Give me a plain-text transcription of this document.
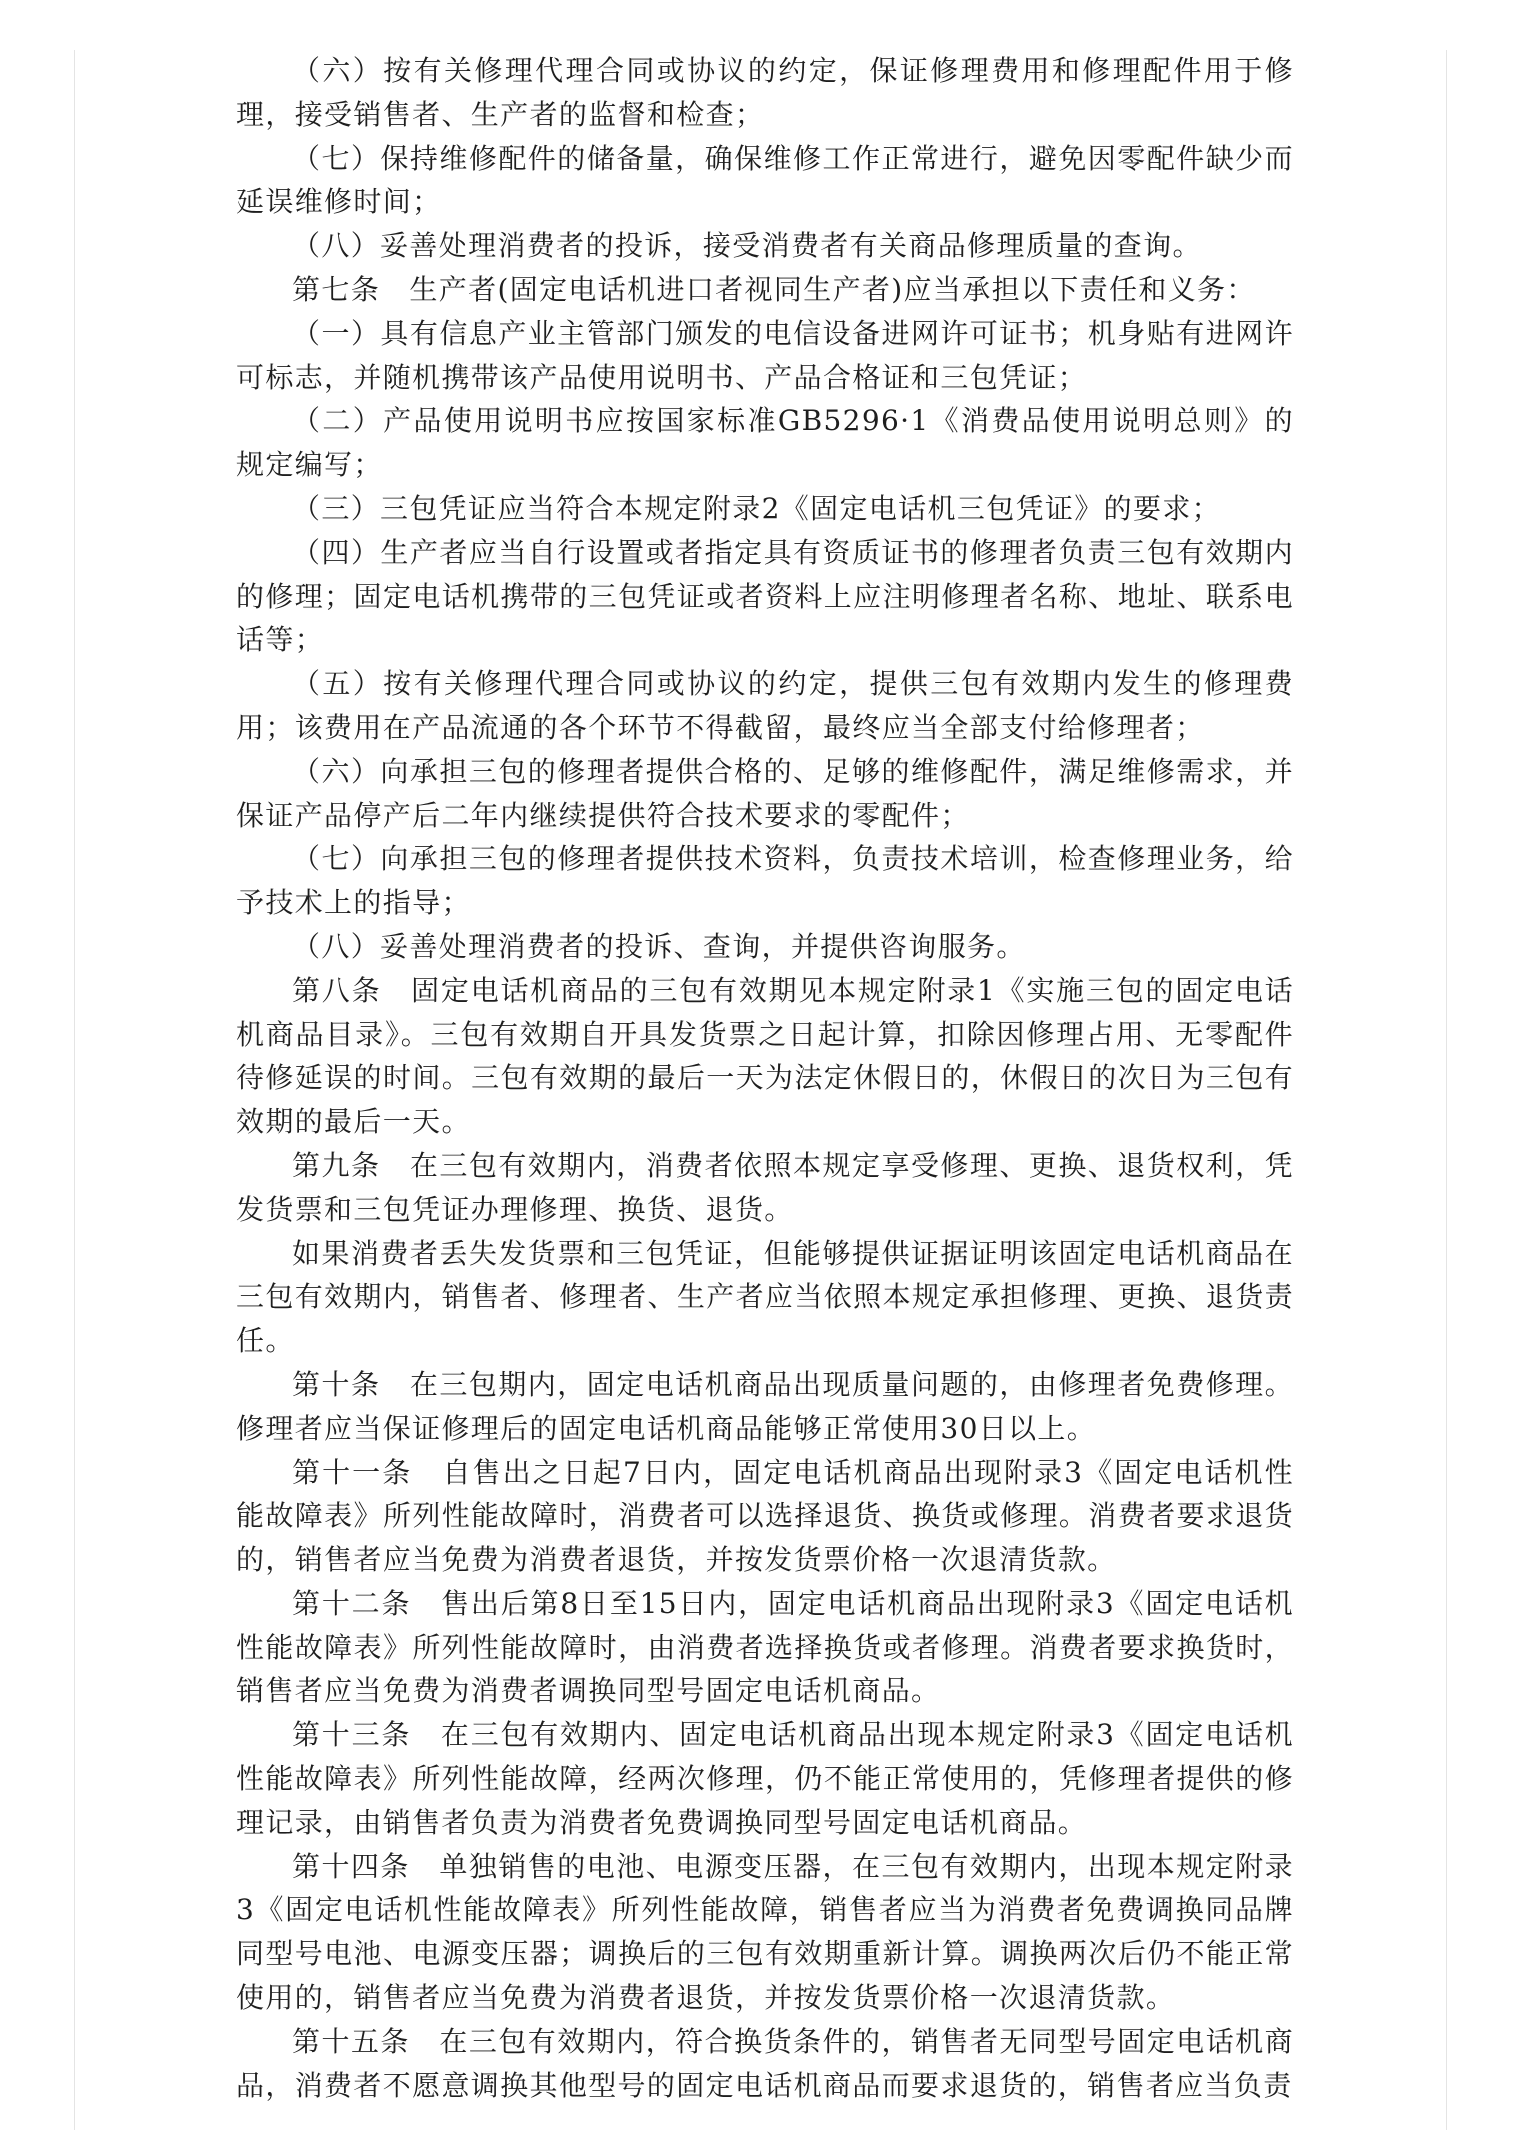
（六）按有关修理代理合同或协议的约定，保证修理费用和修理配件用于修理，接受销售者、生产者的监督和检查；

（七）保持维修配件的储备量，确保维修工作正常进行，避免因零配件缺少而延误维修时间；

（八）妥善处理消费者的投诉，接受消费者有关商品修理质量的查询。

第七条　生产者(固定电话机进口者视同生产者)应当承担以下责任和义务：

（一）具有信息产业主管部门颁发的电信设备进网许可证书；机身贴有进网许可标志，并随机携带该产品使用说明书、产品合格证和三包凭证；

（二）产品使用说明书应按国家标准GB5296·1《消费品使用说明总则》的规定编写；

（三）三包凭证应当符合本规定附录2《固定电话机三包凭证》的要求；

（四）生产者应当自行设置或者指定具有资质证书的修理者负责三包有效期内的修理；固定电话机携带的三包凭证或者资料上应注明修理者名称、地址、联系电话等；

（五）按有关修理代理合同或协议的约定，提供三包有效期内发生的修理费用；该费用在产品流通的各个环节不得截留，最终应当全部支付给修理者；

（六）向承担三包的修理者提供合格的、足够的维修配件，满足维修需求，并保证产品停产后二年内继续提供符合技术要求的零配件；

（七）向承担三包的修理者提供技术资料，负责技术培训，检查修理业务，给予技术上的指导；

（八）妥善处理消费者的投诉、查询，并提供咨询服务。

第八条　固定电话机商品的三包有效期见本规定附录1《实施三包的固定电话机商品目录》。三包有效期自开具发货票之日起计算，扣除因修理占用、无零配件待修延误的时间。三包有效期的最后一天为法定休假日的，休假日的次日为三包有效期的最后一天。

第九条　在三包有效期内，消费者依照本规定享受修理、更换、退货权利，凭发货票和三包凭证办理修理、换货、退货。

如果消费者丢失发货票和三包凭证，但能够提供证据证明该固定电话机商品在三包有效期内，销售者、修理者、生产者应当依照本规定承担修理、更换、退货责任。

第十条　在三包期内，固定电话机商品出现质量问题的，由修理者免费修理。修理者应当保证修理后的固定电话机商品能够正常使用30日以上。

第十一条　自售出之日起7日内，固定电话机商品出现附录3《固定电话机性能故障表》所列性能故障时，消费者可以选择退货、换货或修理。消费者要求退货的，销售者应当免费为消费者退货，并按发货票价格一次退清货款。

第十二条　售出后第8日至15日内，固定电话机商品出现附录3《固定电话机性能故障表》所列性能故障时，由消费者选择换货或者修理。消费者要求换货时，销售者应当免费为消费者调换同型号固定电话机商品。

第十三条　在三包有效期内、固定电话机商品出现本规定附录3《固定电话机性能故障表》所列性能故障，经两次修理，仍不能正常使用的，凭修理者提供的修理记录，由销售者负责为消费者免费调换同型号固定电话机商品。

第十四条　单独销售的电池、电源变压器，在三包有效期内，出现本规定附录3《固定电话机性能故障表》所列性能故障，销售者应当为消费者免费调换同品牌同型号电池、电源变压器；调换后的三包有效期重新计算。调换两次后仍不能正常使用的，销售者应当免费为消费者退货，并按发货票价格一次退清货款。

第十五条　在三包有效期内，符合换货条件的，销售者无同型号固定电话机商品，消费者不愿意调换其他型号的固定电话机商品而要求退货的，销售者应当负责
